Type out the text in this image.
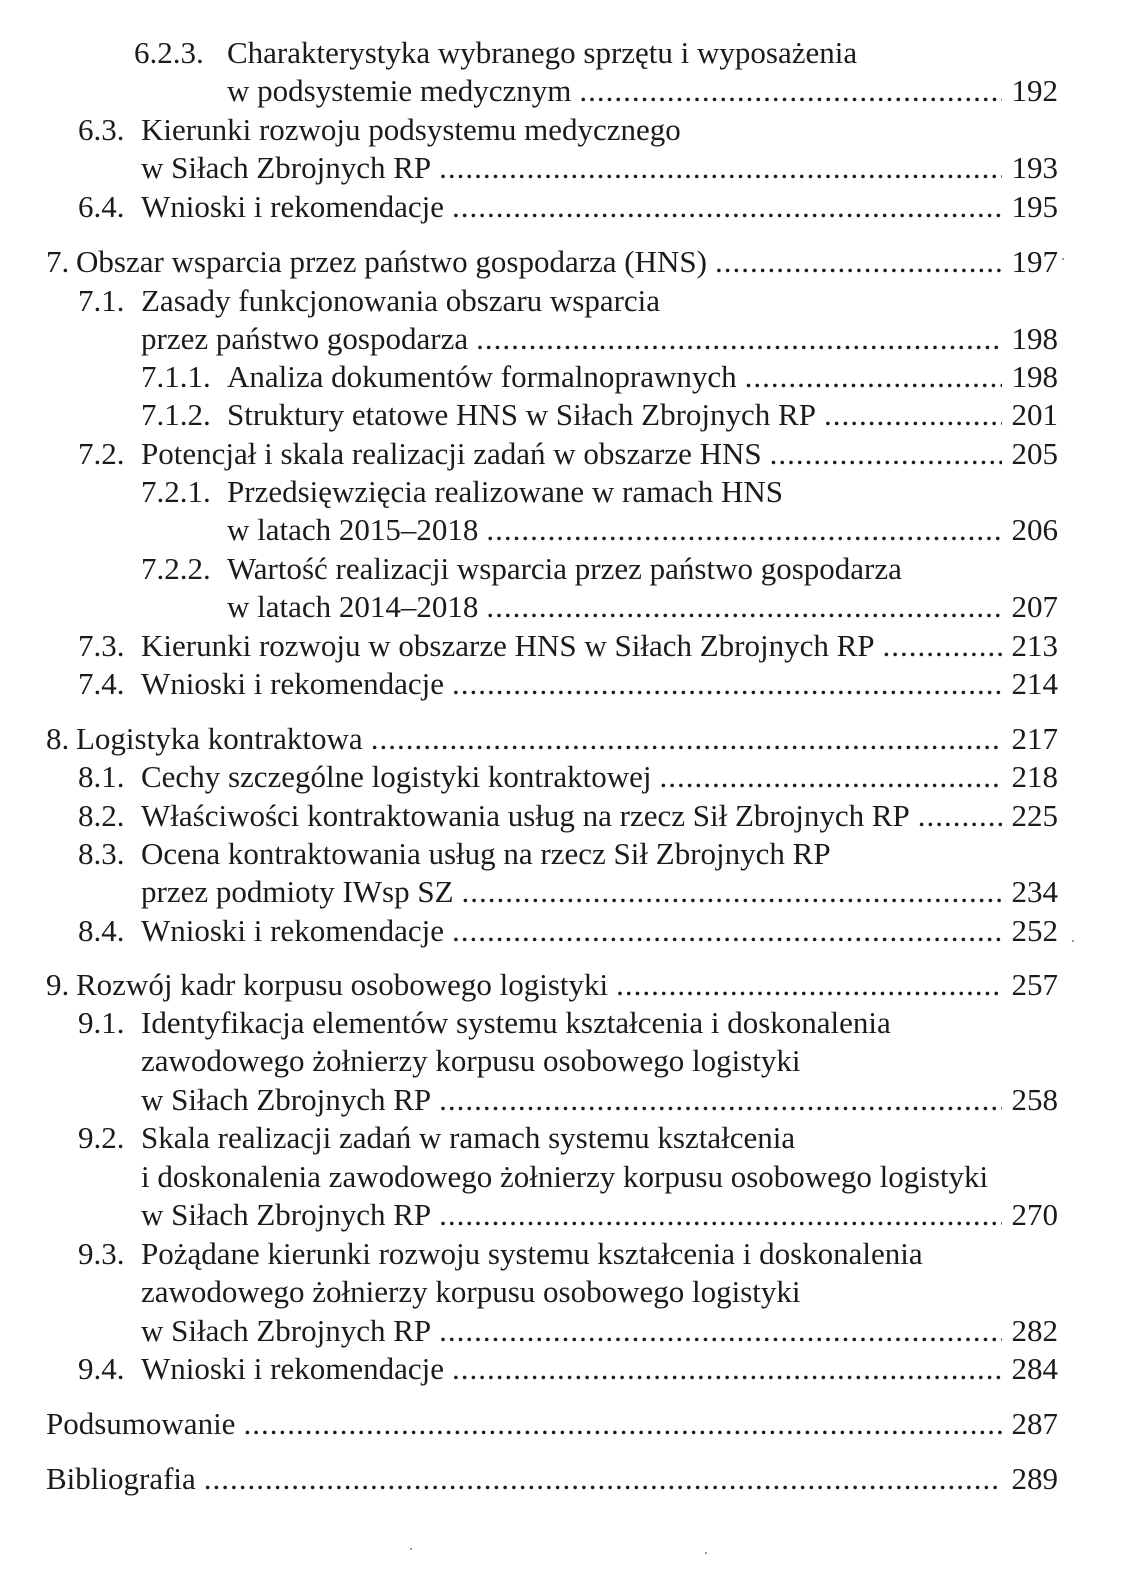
6.2.3. Charakterystyka wybranego sprzętu i wyposażenia
w podsystemie medycznym .....	192
6.3. Kierunki rozwoju podsystemu medycznego
w Siłach Zbrojnych RP .....	193
6.4. Wnioski i rekomendacje .....	195
7. Obszar wsparcia przez państwo gospodarza (HNS) .....	197
7.1. Zasady funkcjonowania obszaru wsparcia
przez państwo gospodarza .....	198
7.1.1. Analiza dokumentów formalnoprawnych .....	198
7.1.2. Struktury etatowe HNS w Siłach Zbrojnych RP .....	201
7.2. Potencjał i skala realizacji zadań w obszarze HNS .....	205
7.2.1. Przedsięwzięcia realizowane w ramach HNS
w latach 2015–2018 .....	206
7.2.2. Wartość realizacji wsparcia przez państwo gospodarza
w latach 2014–2018 .....	207
7.3. Kierunki rozwoju w obszarze HNS w Siłach Zbrojnych RP .....	213
7.4. Wnioski i rekomendacje .....	214
8. Logistyka kontraktowa .....	217
8.1. Cechy szczególne logistyki kontraktowej .....	218
8.2. Właściwości kontraktowania usług na rzecz Sił Zbrojnych RP .....	225
8.3. Ocena kontraktowania usług na rzecz Sił Zbrojnych RP
przez podmioty IWsp SZ .....	234
8.4. Wnioski i rekomendacje .....	252
9. Rozwój kadr korpusu osobowego logistyki .....	257
9.1. Identyfikacja elementów systemu kształcenia i doskonalenia
zawodowego żołnierzy korpusu osobowego logistyki
w Siłach Zbrojnych RP .....	258
9.2. Skala realizacji zadań w ramach systemu kształcenia
i doskonalenia zawodowego żołnierzy korpusu osobowego logistyki
w Siłach Zbrojnych RP .....	270
9.3. Pożądane kierunki rozwoju systemu kształcenia i doskonalenia
zawodowego żołnierzy korpusu osobowego logistyki
w Siłach Zbrojnych RP .....	282
9.4. Wnioski i rekomendacje .....	284
Podsumowanie .....	287
Bibliografia .....	289
